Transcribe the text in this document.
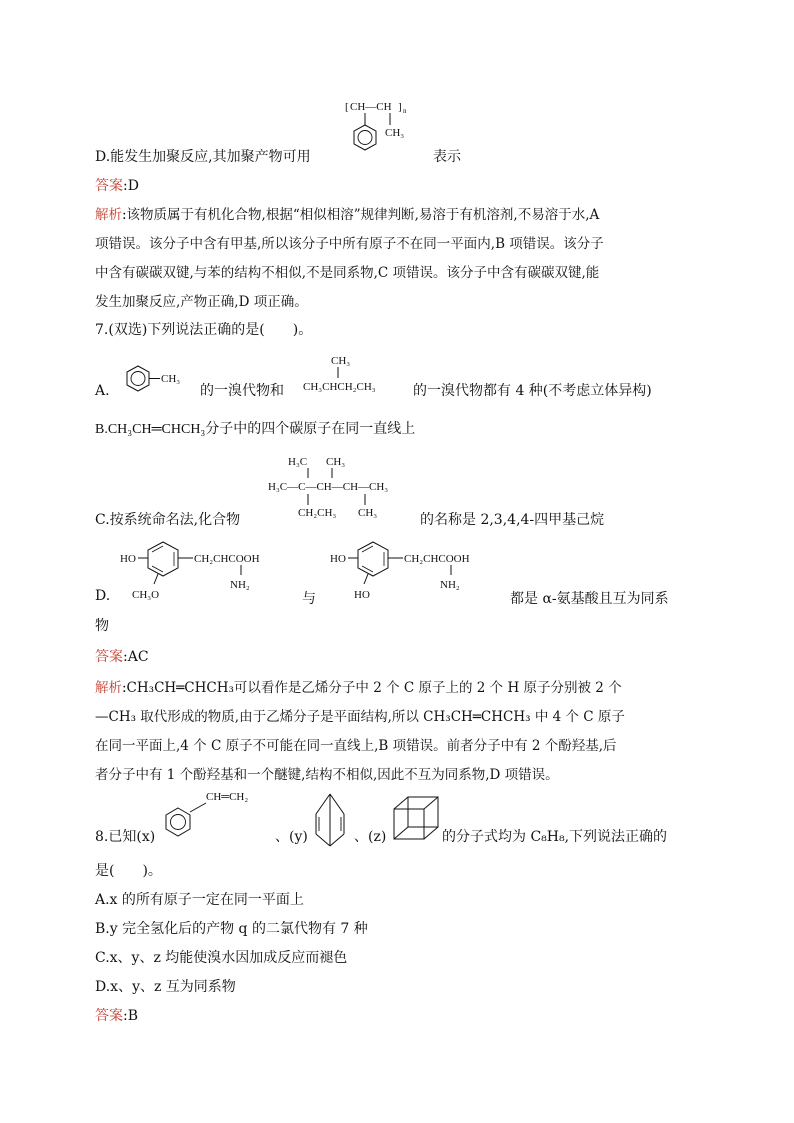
[ CH—CH ] n
CH₃
D.能发生加聚反应,其加聚产物可用	表示
答案:D
解析:该物质属于有机化合物,根据“相似相溶”规律判断,易溶于有机溶剂,不易溶于水,A
项错误。该分子中含有甲基,所以该分子中所有原子不在同一平面内,B 项错误。该分子
中含有碳碳双键,与苯的结构不相似,不是同系物,C 项错误。该分子中含有碳碳双键,能
发生加聚反应,产物正确,D 项正确。
7.(双选)下列说法正确的是(　　)。
A.
CH₃
的一溴代物和
CH₃
CH₃CHCH₂CH₃	的一溴代物都有 4 种(不考虑立体异构)
B.CH₃CH═CHCH₃分子中的四个碳原子在同一直线上
H₃C CH₃
H₃C—C—CH—CH—CH₃
CH₂CH₃ CH₃
C.按系统命名法,化合物	的名称是 2,3,4,4-四甲基己烷
D.
HO	CH₂CHCOOH
NH₂
CH₃O	与
HO	CH₂CHCOOH
NH₂
HO	都是 α-氨基酸且互为同系
物
答案:AC
解析:CH₃CH═CHCH₃可以看作是乙烯分子中 2 个 C 原子上的 2 个 H 原子分别被 2 个
—CH₃ 取代形成的物质,由于乙烯分子是平面结构,所以 CH₃CH═CHCH₃ 中 4 个 C 原子
在同一平面上,4 个 C 原子不可能在同一直线上,B 项错误。前者分子中有 2 个酚羟基,后
者分子中有 1 个酚羟基和一个醚键,结构不相似,因此不互为同系物,D 项错误。
CH═CH₂
8.已知(x)	、(y)	、(z)	的分子式均为 C₈H₈,下列说法正确的
是(　　)。
A.x 的所有原子一定在同一平面上
B.y 完全氢化后的产物 q 的二氯代物有 7 种
C.x、y、z 均能使溴水因加成反应而褪色
D.x、y、z 互为同系物
答案:B
